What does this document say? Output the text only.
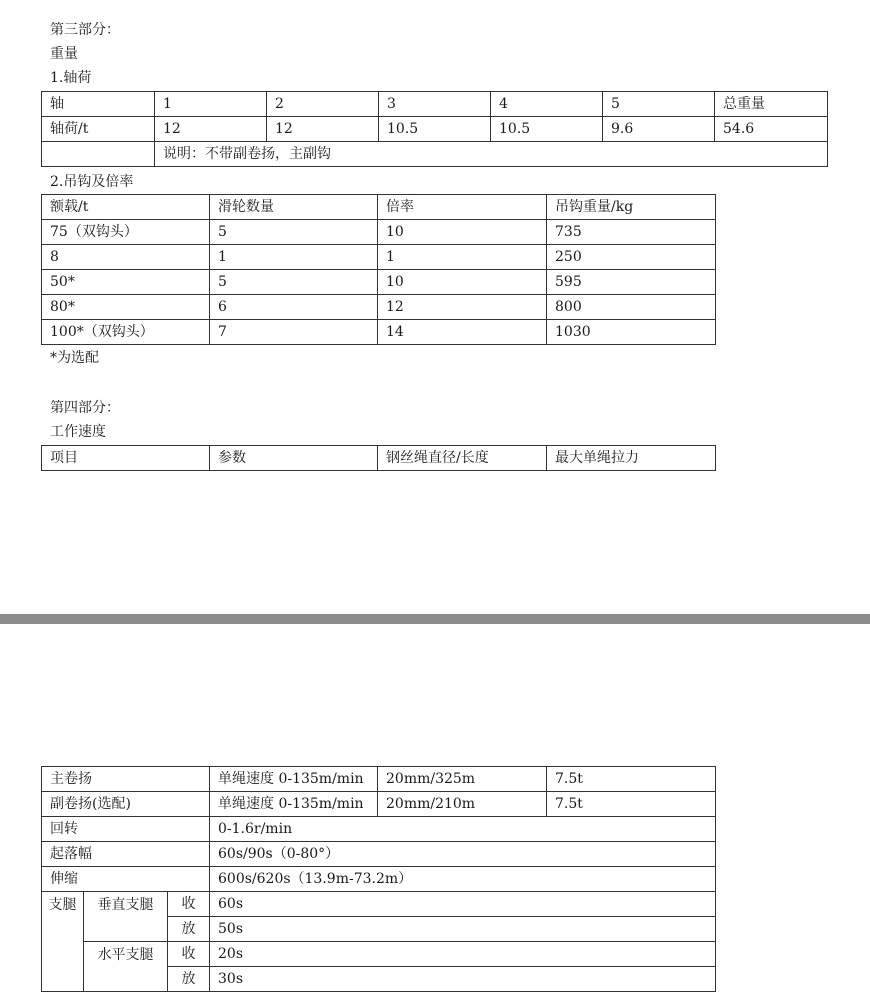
第三部分：
重量
1.轴荷
轴	1	2	3	4	5	总重量
轴荷/t	12	12	10.5	10.5	9.6	54.6
	说明：不带副卷扬，主副钩					
2.吊钩及倍率
额载/t	滑轮数量	倍率	吊钩重量/kg
75（双钩头）	5	10	735
8	1	1	250
50*	5	10	595
80*	6	12	800
100*（双钩头）	7	14	1030
*为选配
第四部分：
工作速度
项目	参数	钢丝绳直径/长度	最大单绳拉力
主卷扬			单绳速度 0-135m/min	20mm/325m	7.5t
副卷扬(选配)			单绳速度 0-135m/min	20mm/210m	7.5t
回转			0-1.6r/min		
起落幅			60s/90s（0-80°）		
伸缩			600s/620s（13.9m-73.2m）		
支腿	垂直支腿	收	60s		
		放	50s		
	水平支腿	收	20s		
		放	30s		
